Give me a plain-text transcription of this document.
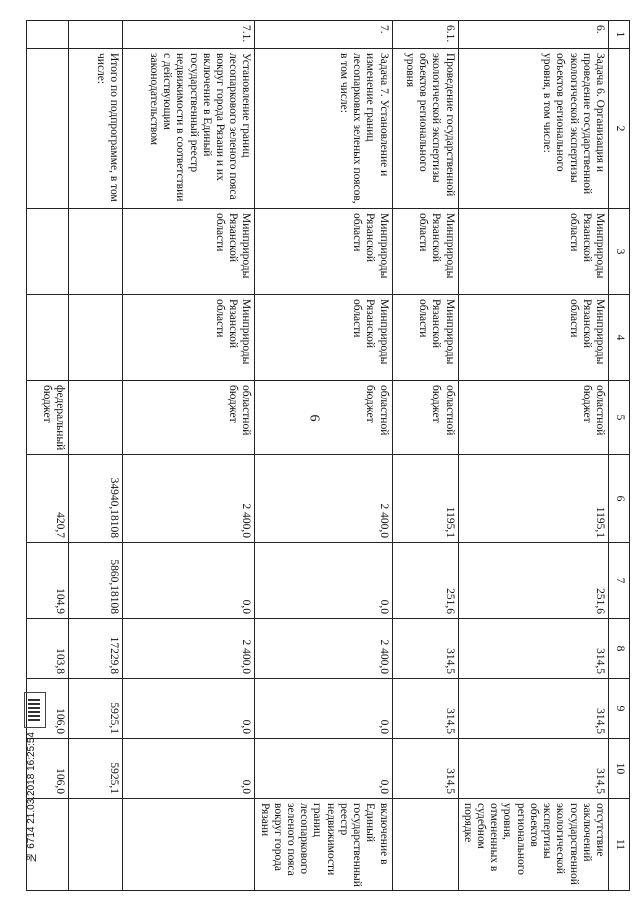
6
1	2	3	4	5	6	7	8	9	10	11
6.	Задача 6. Организация и проведение государственной экологической экспертизы объектов регионального уровня, в том числе:	Минприроды Рязанской области	Минприроды Рязанской области	областной бюджет	1195,1	251,6	314,5	314,5	314,5	отсутствие заключений государственной экологической экспертизы объектов регионального уровня, отмененных в судебном порядке
6.1.	Проведение государственной экологической экспертизы объектов регионального уровня	Минприроды Рязанской области	Минприроды Рязанской области	областной бюджет	1195,1	251,6	314,5	314,5	314,5	
7.	Задача 7. Установление и изменение границ лесопарковых зеленых поясов, в том числе:	Минприроды Рязанской области	Минприроды Рязанской области	областной бюджет	2 400,0	0,0	2 400,0	0,0	0,0	включение в Единый государственный реестр недвижимости границ лесопаркового зеленого пояса вокруг города Рязани
7.1.	Установление границ лесопаркового зеленого пояса вокруг города Рязани и их включение в Единый государственный реестр недвижимости в соответствии с действующим законодательством	Минприроды Рязанской области	Минприроды Рязанской области	областной бюджет	2 400,0	0,0	2 400,0	0,0	0,0	
	Итого по подпрограмме, в том числе:				34940,18108	5860,18108	17229,8	5925,1	5925,1	
				федеральный бюджет	420,7	104,9	103,8	106,0	106,0	
№ 6714 21.03.2018 16:25:54
